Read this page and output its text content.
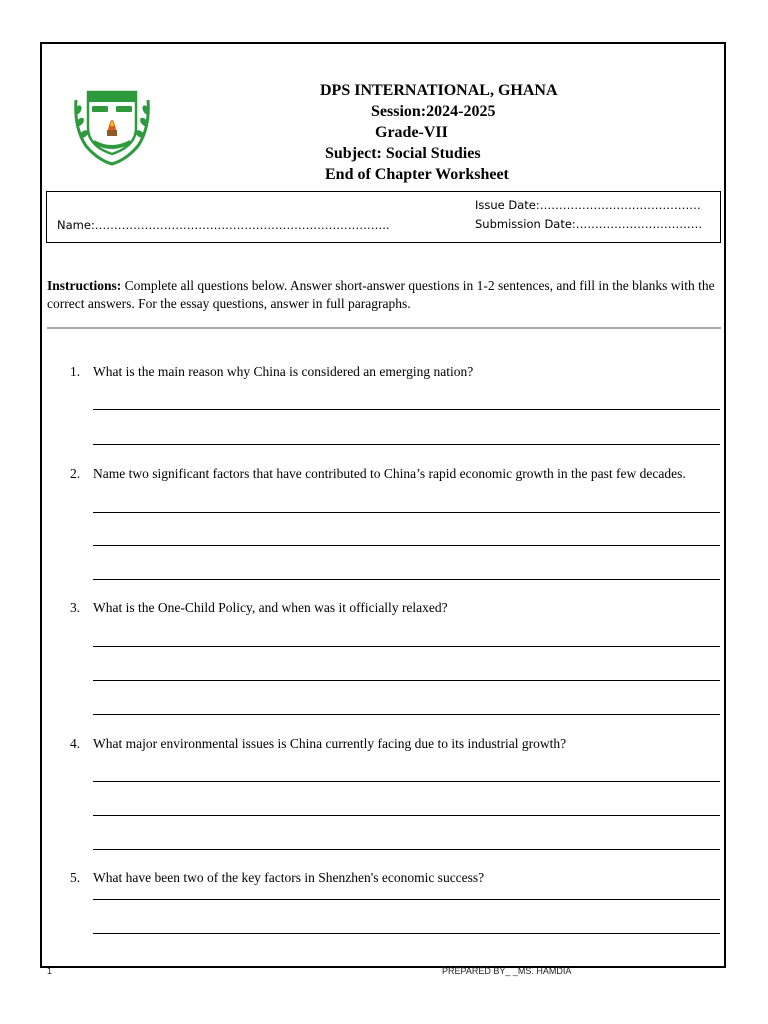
DPS INTERNATIONAL, GHANA
Session:2024-2025
Grade-VII
Subject: Social Studies
End of Chapter Worksheet
Name:…………………………………………………………………..
Issue Date:……………………………………
Submission Date:……………………………
Instructions: Complete all questions below. Answer short-answer questions in 1-2 sentences, and fill in the blanks with the correct answers. For the essay questions, answer in full paragraphs.
1. What is the main reason why China is considered an emerging nation?
2. Name two significant factors that have contributed to China’s rapid economic growth in the past few decades.
3. What is the One-Child Policy, and when was it officially relaxed?
4. What major environmental issues is China currently facing due to its industrial growth?
5. What have been two of the key factors in Shenzhen's economic success?
1	PREPARED BY_ _MS. HAMDIA
